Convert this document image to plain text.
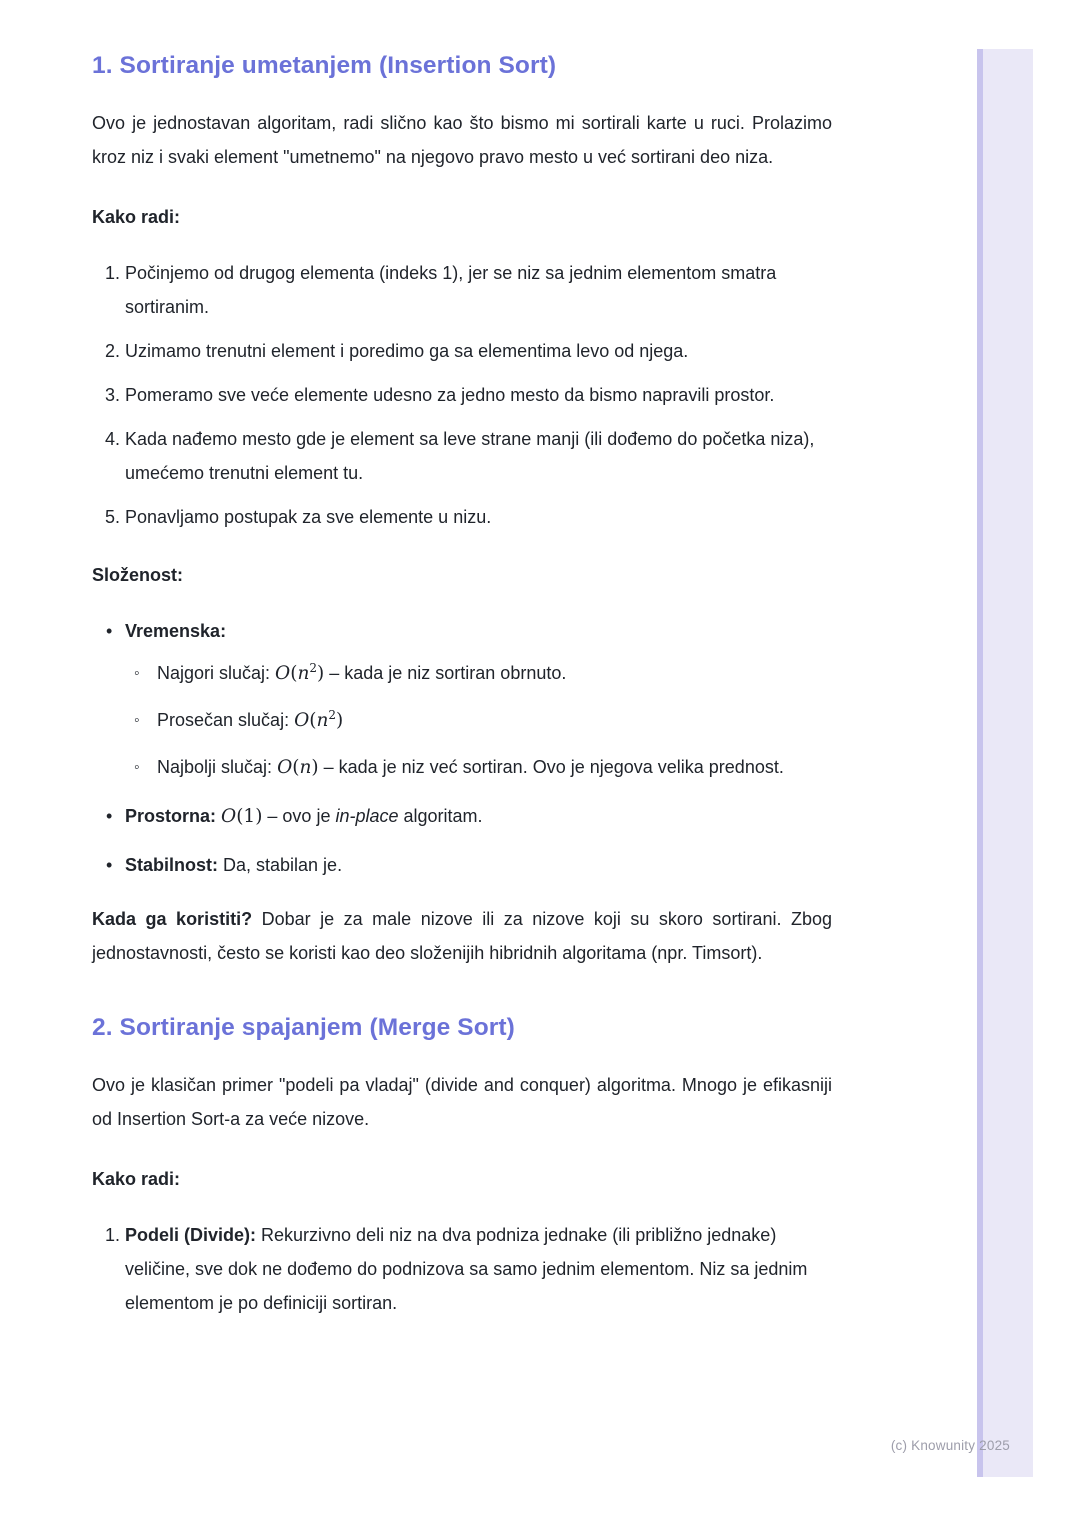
1. Sortiranje umetanjem (Insertion Sort)

Ovo je jednostavan algoritam, radi slično kao što bismo mi sortirali karte u ruci. Prolazimo kroz niz i svaki element "umetnemo" na njegovo pravo mesto u već sortirani deo niza.

Kako radi:

1. Počinjemo od drugog elementa (indeks 1), jer se niz sa jednim elementom smatra sortiranim.
2. Uzimamo trenutni element i poredimo ga sa elementima levo od njega.
3. Pomeramo sve veće elemente udesno za jedno mesto da bismo napravili prostor.
4. Kada nađemo mesto gde je element sa leve strane manji (ili dođemo do početka niza), umećemo trenutni element tu.
5. Ponavljamo postupak za sve elemente u nizu.

Složenost:

• Vremenska:
◦ Najgori slučaj: $O(n^2)$ – kada je niz sortiran obrnuto.
◦ Prosečan slučaj: $O(n^2)$
◦ Najbolji slučaj: O(n) – kada je niz već sortiran. Ovo je njegova velika prednost.
• Prostorna: O(1) – ovo je in-place algoritam.
• Stabilnost: Da, stabilan je.

Kada ga koristiti? Dobar je za male nizove ili za nizove koji su skoro sortirani. Zbog jednostavnosti, često se koristi kao deo složenijih hibridnih algoritama (npr. Timsort).

2. Sortiranje spajanjem (Merge Sort)

Ovo je klasičan primer "podeli pa vladaj" (divide and conquer) algoritma. Mnogo je efikasniji od Insertion Sort-a za veće nizove.

Kako radi:

1. Podeli (Divide): Rekurzivno deli niz na dva podniza jednake (ili približno jednake) veličine, sve dok ne dođemo do podnizova sa samo jednim elementom. Niz sa jednim elementom je po definiciji sortiran.
(c) Knowunity 2025
